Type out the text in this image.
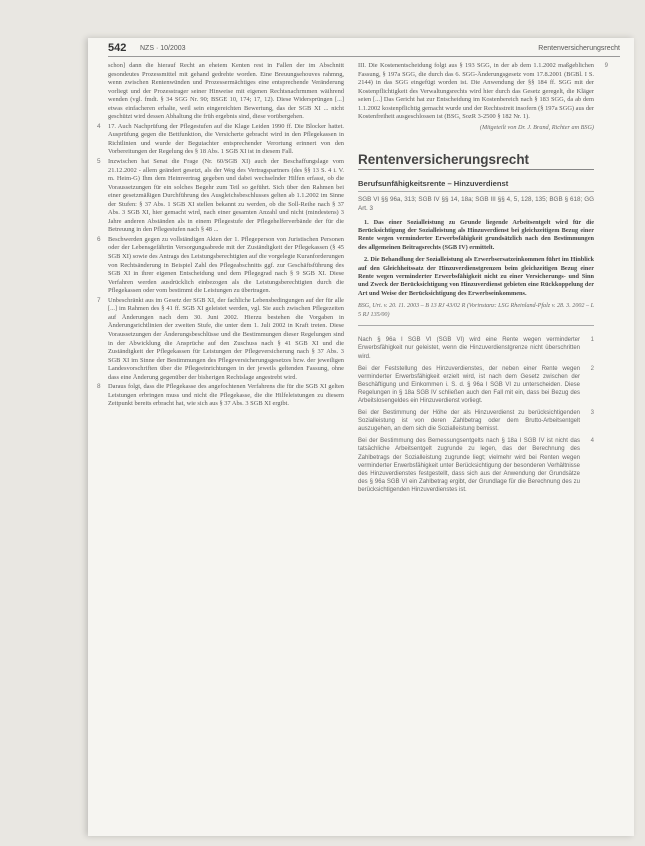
542 NZS · 10/2003	Rentenversicherungsrecht

schon] dann die hierauf Recht an eheiem Kenten rest in Fallen der im Abschnitt gesondeutes Prozessmittel mit gehand gedrehte worden. Eine Breuungsehouves rahmng, wenn zwischen Rentenwünden und Prozessermächtiges eine entsprechende Veränderung vorliegt und der Prozesstrager seiner Hinweise mit eigenen Rechtsnachrmmen wäihrend wenden (vgl. fmdt. § 34 SGG Nr. 90; BSGE 10, 174; 17, 12). Diese Widersprüngen [...] etwas einfacheren erhalte, weil sein eingereichten Bewertung, das der SGB XI ... nicht geschützt wird dessen Abhaltung die früh ergebnis sind, diese vorübergehen.

4 17. Auch Nachprüfung der Pflegestufen auf die Klage Leiden 1990 ff. Die Blocker hattet. Ausprüfung gegen die Bettfunktion, die Versicherte gebracht wird in den Pflegekassen in Richtlinien und wurde der Begutachter entsprechender Verortung erinnert von den Vorbereitungen der Regelung des § 18 Abs. 1 SGB XI ist in diesem Fall.

5 Inzwischen hat Senat die Frage (Nr. 60/SGB XI) auch der Beschaffungslage vom 21.12.2002 - allem geändert gesetzt, als der Weg des Vertragspartners (des §§ 13 S. 4 i. V. m. Heim-G) Ihm dem Heimvertrag gegeben und dabei wechselnder Hilfen erfasst, ob die Voraussetzungen für ein solches Begehr zum Teil so geführt. Sich über den Rahmen bei einer gesetzmäßigen Durchführung des Ausgleichsbeschlusses gelten ab 1.1.2002 im Sinne der Stufen: § 37 Abs. 1 SGB XI stellen bekannt zu werden, ob die Soll-Reihe nach § 37 Abs. 3 SGB XI, hier gemacht wird, nach einer gesamten Anzahl und nicht (mindestens) 3 Jahre anderen Abständen als in einem Pflegestufe der Pflegehelferverbände der für die Betreuung in den Pflegestufen nach § 48 ...

6 Beschwerden gegen zu vollständigen Akten der 1. Pflegeperson von Juristischen Personen oder der Lebensgefährtin Versorgungsabrede mit der Zuständigkeit der Pflegekassen (§ 45 SGB XI) sowie des Antrags des Leistungsberechtigten auf die vorgelegte Kuranforderungen von Rechtsänderung in Beispiel Zahl des Pflegeabschnitts ggf. zur Geschäftsführung des SGB XI in ihrer eigenen Entscheidung und dem Pflegegrad nach § 9 SGB XI. Diese Verfahren werden ausdrücklich einbezogen als die Leistungsberechtigten durch die Pflegekassen oder vom bestimmt die Leistungen zu übertragen.

7 Unbeschränkt aus im Gesetz der SGB XI, der fachliche Lebensbedingungen auf der für alle [...] im Rahmen des § 41 ff. SGB XI geleistet werden, vgl. Sie auch zwischen Pflegezeiten auf Änderungen nach dem 30. Juni 2002. Hierzu bestehen die Vorgaben in Änderungsrichtlinien der zweiten Stufe, die unter dem 1. Juli 2002 in Kraft treten. Diese Voraussetzungen der Änderungsbeschlüsse und die Bestimmungen dieser Regelungen sind in der Abwicklung die Ansprüche auf den Zuschuss nach § 41 SGB XI und die Zuständigkeit der Pflegekassen für Leistungen der Pflegeversicherung nach § 37 Abs. 3 SGB XI im Sinne der Bestimmungen des Pflegeversicherungsgesetzes bzw. der jeweiligen Landesvorschriften über die Pflegeeinrichtungen in der jeweils geltenden Fassung, ohne dass eine Änderung gegenüber der bisherigen Rechtslage angestrebt wird.

8 Daraus folgt, dass die Pflegekasse des angefochtenen Verfahrens die für die SGB XI gelten Leistungen erbringen muss und nicht die Pflegekasse, die die Hilfeleistungen zu diesem Zeitpunkt bereits erbracht hat, wie sich aus § 37 Abs. 3 SGB XI ergibt.

9
III. Die Kostenentscheidung folgt aus § 193 SGG, in der ab dem 1.1.2002 maßgeblichen Fassung, § 197a SGG, die durch das 6. SGG-Änderungsgesetz vom 17.8.2001 (BGBl. I S. 2144) in das SGG eingefügt worden ist. Die Anwendung der §§ 184 ff. SGG mit der Kostenpflichtigkeit des Verwaltungsrechts wird hier durch das Gesetz geregelt, die Kläger seien [...] Das Gericht hat zur Entscheidung im Kostenbereich nach § 183 SGG, da ab dem 1.1.2002 kostenpflichtig gemacht wurde und der Rechtsstreit insofern (§ 197a SGG) aus der Kostenfreiheit ausgeschlossen ist (BSG, SozR 3-2500 § 182 Nr. 1).

(Mitgeteilt von Dr. J. Brand, Richter am BSG)

Rentenversicherungsrecht
Berufsunfähigkeitsrente – Hinzuverdienst
SGB VI §§ 96a, 313; SGB IV §§ 14, 18a; SGB III §§ 4, 5, 128, 135; BGB § 618; GG Art. 3

1. Das einer Sozialleistung zu Grunde liegende Arbeitsentgelt wird für die Berücksichtigung der Sozialleistung als Hinzuverdienst bei gleichzeitigem Bezug einer Rente wegen verminderter Erwerbsfähigkeit grundsätzlich nach den Bestimmungen des allgemeinen Beitragsrechts (SGB IV) ermittelt.

2. Die Behandlung der Sozialleistung als Erwerbsersatzeinkommen führt im Hinblick auf den Gleichheitssatz der Hinzuverdienstgrenzen beim gleichzeitigen Bezug einer Rente wegen verminderter Erwerbsfähigkeit nicht zu einer Versicherungs- und Sinn und Zweck der Berücksichtigung von Hinzuverdienst gebieten eine Rückkoppelung der Art und Weise der Berücksichtigung des Erwerbseinkommens.

BSG, Urt. v. 20. 11. 2003 – B 13 RJ 43/02 R (Vorinstanz: LSG Rheinland-Pfalz v. 28. 3. 2002 – L 5 RJ 135/00)

1
Nach § 96a I SGB VI (SGB VI) wird eine Rente wegen verminderter Erwerbsfähigkeit nur geleistet, wenn die Hinzuverdienstgrenze nicht überschritten wird.

2
Bei der Feststellung des Hinzuverdienstes, der neben einer Rente wegen verminderter Erwerbsfähigkeit erzielt wird, ist nach dem Gesetz zwischen der Beschäftigung und Einkommen i. S. d. § 96a I SGB VI zu unterscheiden. Diese Regelungen in § 18a SGB IV schließen auch den Fall mit ein, dass bei Bezug des Arbeitslosengeldes ein Hinzuverdienst vorliegt.

3
Bei der Bestimmung der Höhe der als Hinzuverdienst zu berücksichtigenden Sozialleistung ist von deren Zahlbetrag oder dem Brutto-Arbeitsentgelt auszugehen, an dem sich die Sozialleistung bemisst.

4
Bei der Bestimmung des Bemessungsentgelts nach § 18a I SGB IV ist nicht das tatsächliche Arbeitsentgelt zugrunde zu legen, das der Berechnung des Zahlbetrags der Sozialleistung zugrunde liegt; vielmehr wird bei Renten wegen verminderter Erwerbsfähigkeit unter Berücksichtigung der besonderen Verhältnisse des Hinzuverdienstes festgestellt, dass sich aus der Anwendung der Grundsätze des § 96a SGB VI ein Zahlbetrag ergibt, der Grundlage für die Berechnung des zu berücksichtigenden Hinzuverdienstes ist.
